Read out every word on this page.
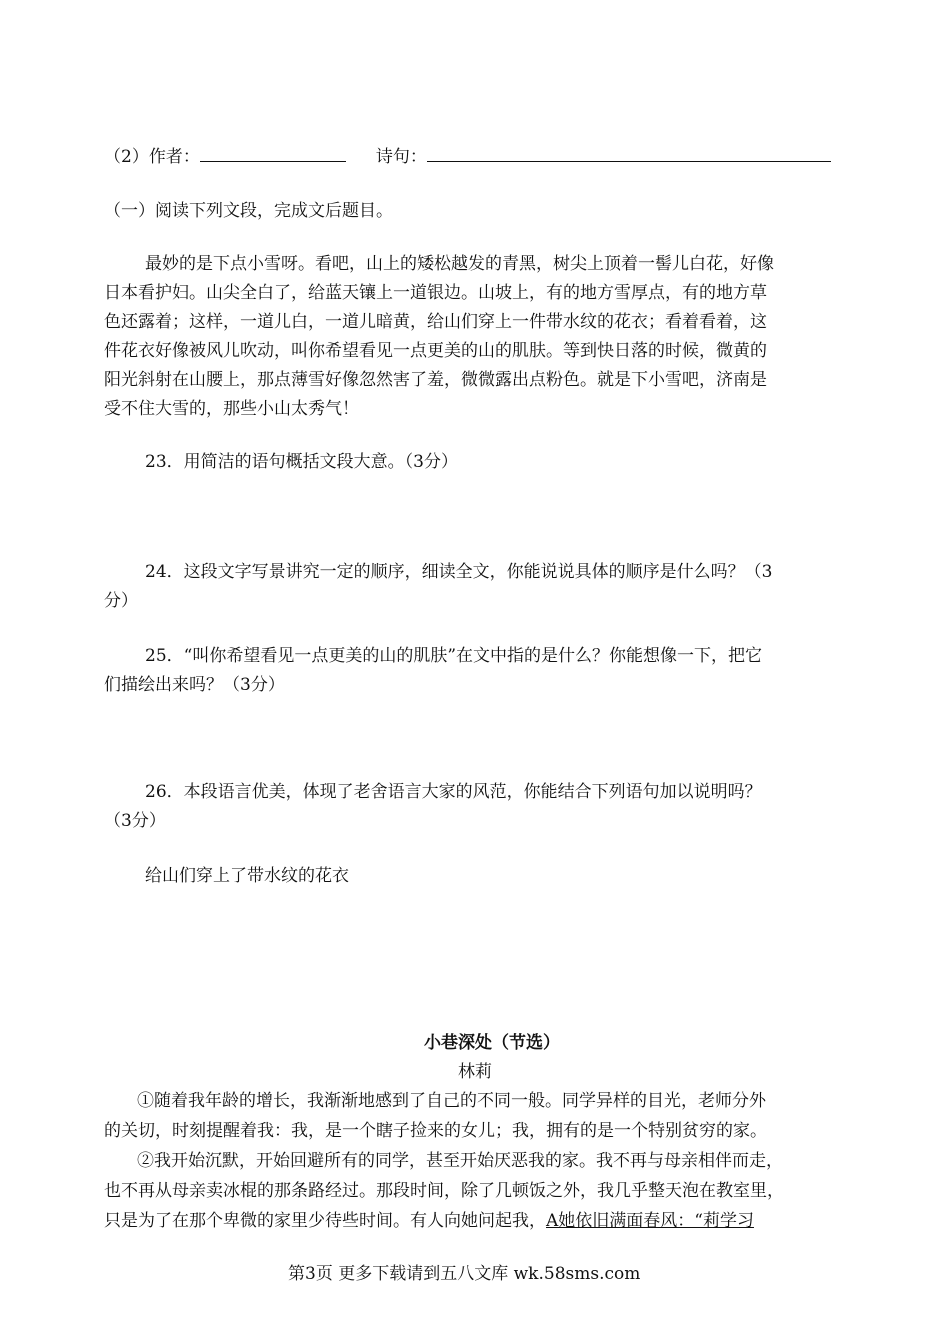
（2）作者：	诗句：
（一）阅读下列文段，完成文后题目。
最妙的是下点小雪呀。看吧，山上的矮松越发的青黑，树尖上顶着一髻儿白花，好像
日本看护妇。山尖全白了，给蓝天镶上一道银边。山坡上，有的地方雪厚点，有的地方草
色还露着；这样，一道儿白，一道儿暗黄，给山们穿上一件带水纹的花衣；看着看着，这
件花衣好像被风儿吹动，叫你希望看见一点更美的山的肌肤。等到快日落的时候，微黄的
阳光斜射在山腰上，那点薄雪好像忽然害了羞，微微露出点粉色。就是下小雪吧，济南是
受不住大雪的，那些小山太秀气！
23．用简洁的语句概括文段大意。（3分）
24．这段文字写景讲究一定的顺序，细读全文，你能说说具体的顺序是什么吗？（3
分）
25．“叫你希望看见一点更美的山的肌肤”在文中指的是什么？你能想像一下，把它
们描绘出来吗？（3分）
26．本段语言优美，体现了老舍语言大家的风范，你能结合下列语句加以说明吗？
（3分）
给山们穿上了带水纹的花衣
小巷深处（节选）
林莉
①随着我年龄的增长，我渐渐地感到了自己的不同一般。同学异样的目光，老师分外
的关切，时刻提醒着我：我，是一个瞎子捡来的女儿；我，拥有的是一个特别贫穷的家。
②我开始沉默，开始回避所有的同学，甚至开始厌恶我的家。我不再与母亲相伴而走，
也不再从母亲卖冰棍的那条路经过。那段时间，除了几顿饭之外，我几乎整天泡在教室里，
只是为了在那个卑微的家里少待些时间。有人向她问起我，A她依旧满面春风：“莉学习
第3页 更多下载请到五八文库 wk.58sms.com
